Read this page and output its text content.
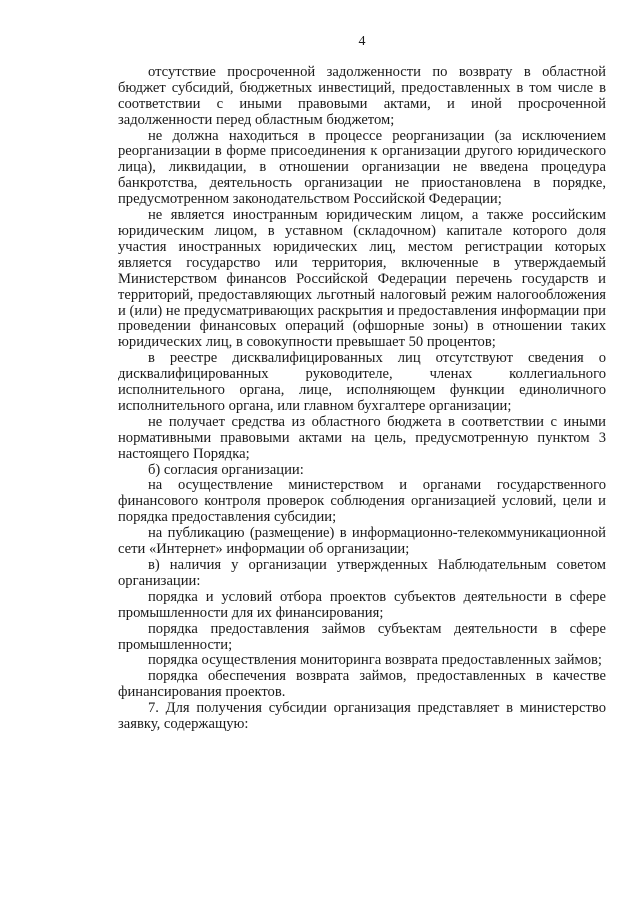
4

отсутствие просроченной задолженности по возврату в областной бюджет субсидий, бюджетных инвестиций, предоставленных в том числе в соответствии с иными правовыми актами, и иной просроченной задолженности перед областным бюджетом;

не должна находиться в процессе реорганизации (за исключением реорганизации в форме присоединения к организации другого юридического лица), ликвидации, в отношении организации не введена процедура банкротства, деятельность организации не приостановлена в порядке, предусмотренном законодательством Российской Федерации;

не является иностранным юридическим лицом, а также российским юридическим лицом, в уставном (складочном) капитале которого доля участия иностранных юридических лиц, местом регистрации которых является государство или территория, включенные в утверждаемый Министерством финансов Российской Федерации перечень государств и территорий, предоставляющих льготный налоговый режим налогообложения и (или) не предусматривающих раскрытия и предоставления информации при проведении финансовых операций (офшорные зоны) в отношении таких юридических лиц, в совокупности превышает 50 процентов;

в реестре дисквалифицированных лиц отсутствуют сведения о дисквалифицированных руководителе, членах коллегиального исполнительного органа, лице, исполняющем функции единоличного исполнительного органа, или главном бухгалтере организации;

не получает средства из областного бюджета в соответствии с иными нормативными правовыми актами на цель, предусмотренную пунктом 3 настоящего Порядка;

б) согласия организации:

на осуществление министерством и органами государственного финансового контроля проверок соблюдения организацией условий, цели и порядка предоставления субсидии;

на публикацию (размещение) в информационно-телекоммуникационной сети «Интернет» информации об организации;

в) наличия у организации утвержденных Наблюдательным советом организации:

порядка и условий отбора проектов субъектов деятельности в сфере промышленности для их финансирования;

порядка предоставления займов субъектам деятельности в сфере промышленности;

порядка осуществления мониторинга возврата предоставленных займов;

порядка обеспечения возврата займов, предоставленных в качестве финансирования проектов.

7. Для получения субсидии организация представляет в министерство заявку, содержащую:
